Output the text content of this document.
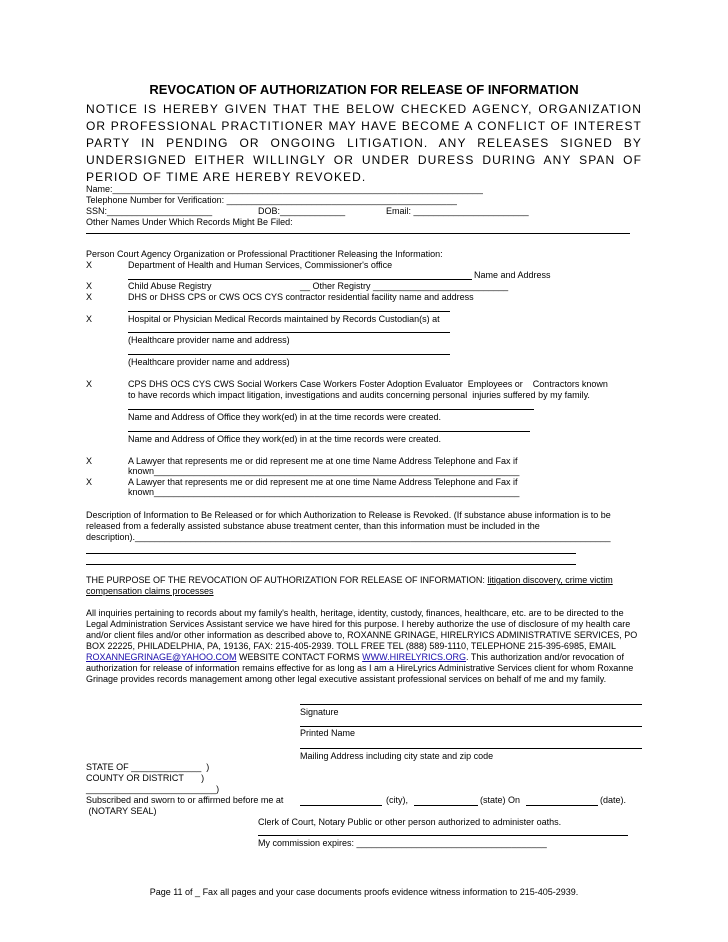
REVOCATION OF AUTHORIZATION FOR RELEASE OF INFORMATION

NOTICE IS HEREBY GIVEN THAT THE BELOW CHECKED AGENCY, ORGANIZATION OR PROFESSIONAL PRACTITIONER MAY HAVE BECOME A CONFLICT OF INTEREST PARTY IN PENDING OR ONGOING LITIGATION. ANY RELEASES SIGNED BY UNDERSIGNED EITHER WILLINGLY OR UNDER DURESS DURING ANY SPAN OF PERIOD OF TIME ARE HEREBY REVOKED.

Name:__________________________________________________________________________
Telephone Number for Verification: ______________________________________________
SSN:_____________________	DOB:_____________	Email: _______________________
Other Names Under Which Records Might Be Filed:
Person Court Agency Organization or Professional Practitioner Releasing the Information:
X	Department of Health and Human Services, Commissioner's office
Name and Address
X	Child Abuse Registry	__ Other Registry ___________________________
X	DHS or DHSS CPS or CWS OCS CYS contractor residential facility name and address
X	Hospital or Physician Medical Records maintained by Records Custodian(s) at
(Healthcare provider name and address)
(Healthcare provider name and address)
X	CPS DHS OCS CYS CWS Social Workers Case Workers Foster Adoption Evaluator  Employees or    Contractors known
to have records which impact litigation, investigations and audits concerning personal  injuries suffered by my family.
Name and Address of Office they work(ed) in at the time records were created.
Name and Address of Office they work(ed) in at the time records were created.
X	A Lawyer that represents me or did represent me at one time Name Address Telephone and Fax if
known_________________________________________________________________________
X	A Lawyer that represents me or did represent me at one time Name Address Telephone and Fax if
known_________________________________________________________________________

Description of Information to Be Released or for which Authorization to Release is Revoked. (If substance abuse information is to be released from a federally assisted substance abuse treatment center, than this information must be included in the description)._______________________________________________________________________________________________

THE PURPOSE OF THE REVOCATION OF AUTHORIZATION FOR RELEASE OF INFORMATION: litigation discovery, crime victim compensation claims processes

All inquiries pertaining to records about my family's health, heritage, identity, custody, finances, healthcare, etc. are to be directed to the Legal Administration Services Assistant service we have hired for this purpose. I hereby authorize the use of disclosure of my health care and/or client files and/or other information as described above to, ROXANNE GRINAGE, HIRELRYICS ADMINISTRATIVE SERVICES, PO BOX 22225, PHILADELPHIA, PA, 19136, FAX: 215-405-2939. TOLL FREE TEL (888) 589-1110, TELEPHONE 215-395-6985, EMAIL ROXANNEGRINAGE@YAHOO.COM WEBSITE CONTACT FORMS WWW.HIRELYRICS.ORG. This authorization and/or revocation of authorization for release of information remains effective for as long as I am a HireLyrics Administrative Services client for whom Roxanne Grinage provides records management among other legal executive assistant professional services on behalf of me and my family.

Signature
Printed Name
Mailing Address including city state and zip code
STATE OF ______________  )
COUNTY OR DISTRICT       )
__________________________)
Subscribed and sworn to or affirmed before me at	(city),	(state) On	(date).
(NOTARY SEAL)
Clerk of Court, Notary Public or other person authorized to administer oaths.
My commission expires: ______________________________________
Page 11 of _ Fax all pages and your case documents proofs evidence witness information to 215-405-2939.
